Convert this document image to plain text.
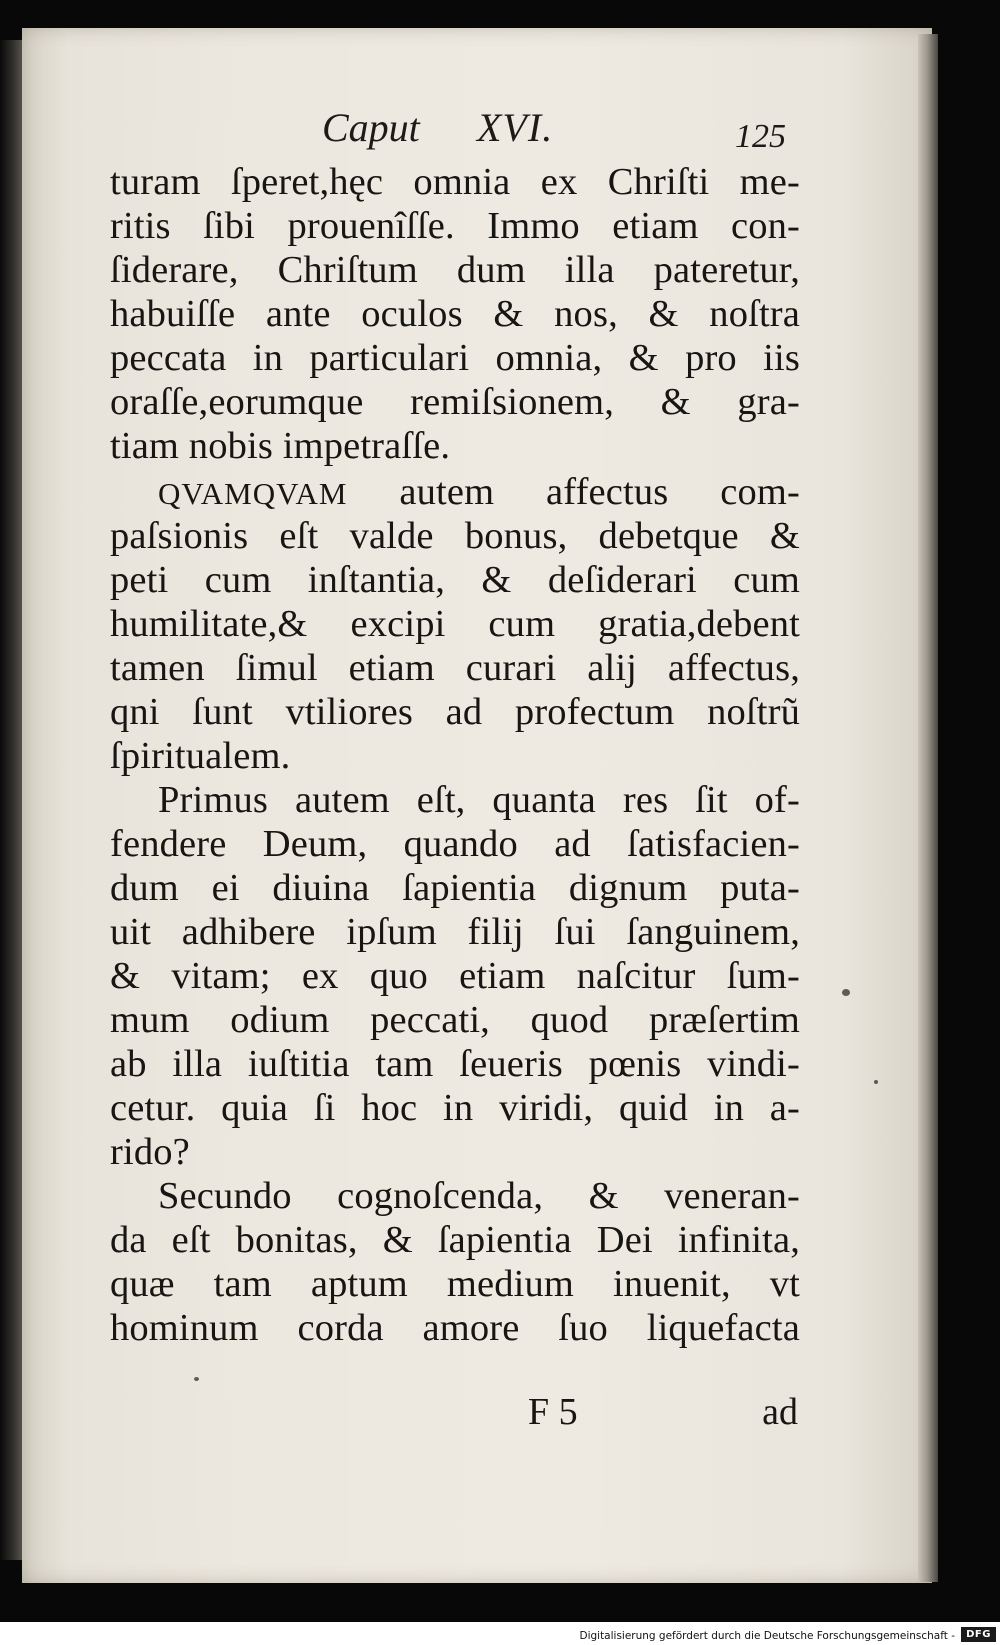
Caput XVI.	125
turam ſperet,hęc omnia ex Chriſti me-
ritis ſibi prouenîſſe. Immo etiam con-
ſiderare, Chriſtum dum illa pateretur,
habuiſſe ante oculos & nos, & noſtra
peccata in particulari omnia, & pro iis
oraſſe,eorumque remiſsionem, & gra-
tiam nobis impetraſſe.
QVAMQVAM autem affectus com-
paſsionis eſt valde bonus, debetque &
peti cum inſtantia, & deſiderari cum
humilitate,& excipi cum gratia,debent
tamen ſimul etiam curari alij affectus,
qni ſunt vtiliores ad profectum noſtrũ
ſpiritualem.
Primus autem eſt, quanta res ſit of-
fendere Deum, quando ad ſatisfacien-
dum ei diuina ſapientia dignum puta-
uit adhibere ipſum filij ſui ſanguinem,
& vitam; ex quo etiam naſcitur ſum-
mum odium peccati, quod præſertim
ab illa iuſtitia tam ſeueris pœnis vindi-
cetur. quia ſi hoc in viridi, quid in a-
rido?
Secundo cognoſcenda, & veneran-
da eſt bonitas, & ſapientia Dei infinita,
quæ tam aptum medium inuenit, vt
hominum corda amore ſuo liquefacta
F 5	ad
Digitalisierung gefördert durch die Deutsche Forschungsgemeinschaft -	DFG
